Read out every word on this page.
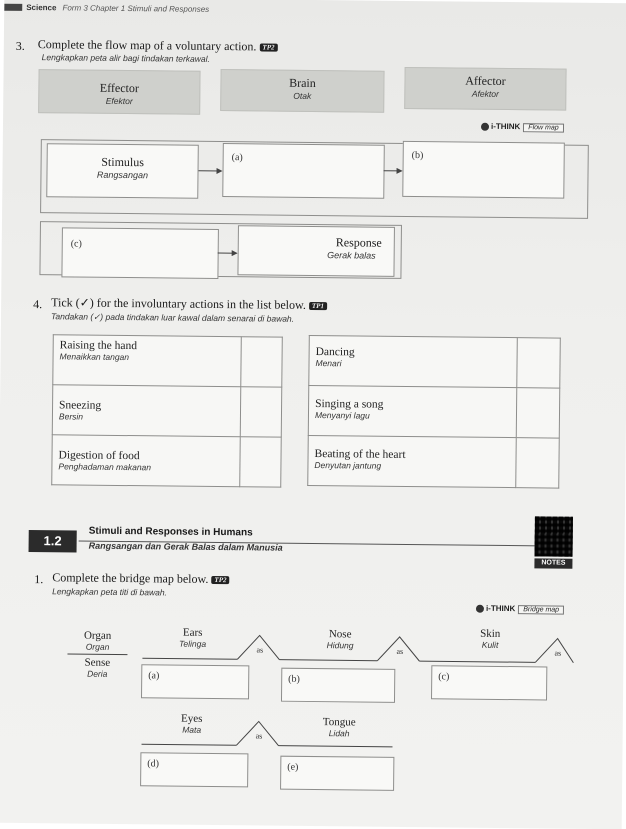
Science Form 3 Chapter 1 Stimuli and Responses
3. Complete the flow map of a voluntary action. TP2
Lengkapkan peta alir bagi tindakan terkawal.
Effector
Efektor
Brain
Otak
Affector
Afektor
i-THINK Flow map
Stimulus
Rangsangan
(a)	(b)
(c)	Response
Gerak balas
4. Tick (✓) for the involuntary actions in the list below. TP1
Tandakan (✓) pada tindakan luar kawal dalam senarai di bawah.
Raising the hand
Menaikkan tangan	

Sneezing
Bersin	

Digestion of food
Penghadaman makanan	

Dancing
Menari	

Singing a song
Menyanyi lagu	

Beating of the heart
Denyutan jantung	

1.2
Stimuli and Responses in Humans
Rangsangan dan Gerak Balas dalam Manusia
NOTES
1. Complete the bridge map below. TP2
Lengkapkan peta titi di bawah.
i-THINK Bridge map
Organ
Organ
Sense
Deria
as	as	as
as
Ears
Telinga
(a)
Nose
Hidung
(b)
Skin
Kulit
(c)
Eyes
Mata
(d)
Tongue
Lidah
(e)
